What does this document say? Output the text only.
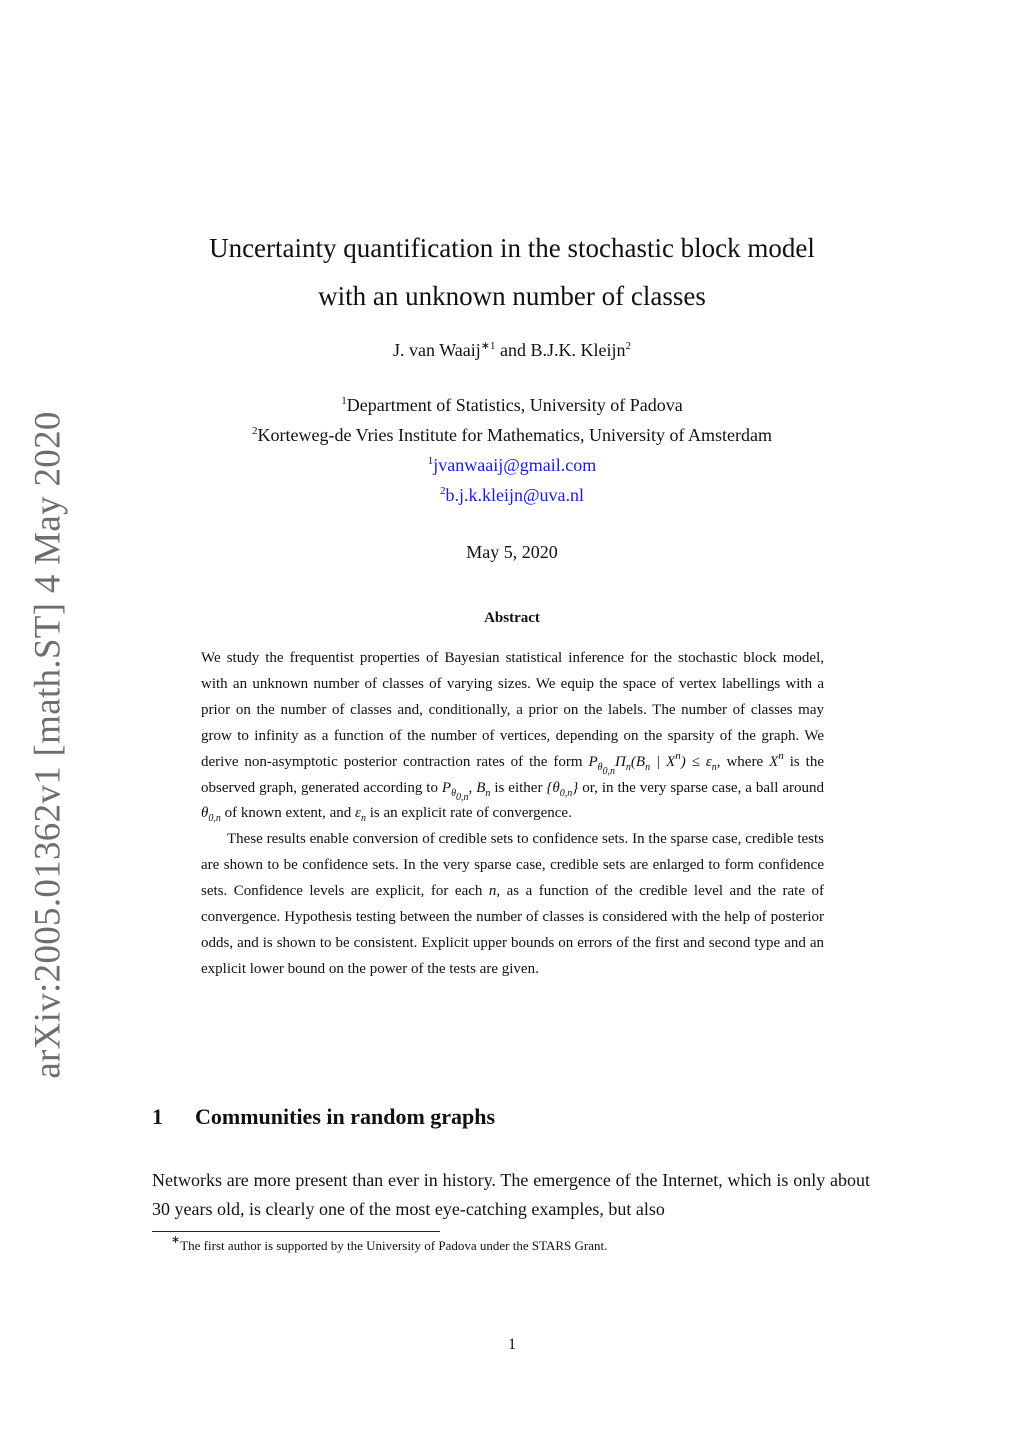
arXiv:2005.01362v1 [math.ST] 4 May 2020
Uncertainty quantification in the stochastic block model
with an unknown number of classes
J. van Waaij$^{∗1}$ and B.J.K. Kleijn$^2$
$^1$Department of Statistics, University of Padova
$^2$Korteweg-de Vries Institute for Mathematics, University of Amsterdam
$^1$jvanwaaij@gmail.com
$^2$b.j.k.kleijn@uva.nl
May 5, 2020
Abstract

We study the frequentist properties of Bayesian statistical inference for the stochastic block model, with an unknown number of classes of varying sizes. We equip the space of vertex labellings with a prior on the number of classes and, conditionally, a prior on the labels. The number of classes may grow to infinity as a function of the number of vertices, depending on the sparsity of the graph. We derive non-asymptotic posterior contraction rates of the form $P_{\theta_{0,n}}\Pi_n(B_n$ | $X^n) \le \varepsilon_n$, where $X^n$ is the observed graph, generated according to $P_{\theta_{0,n}}$, $B_n$ is either $\{\theta_{0,n}\}$ or, in the very sparse case, a ball around $\theta_{0,n}$ of known extent, and $\varepsilon_n$ is an explicit rate of convergence.

These results enable conversion of credible sets to confidence sets. In the sparse case, credible tests are shown to be confidence sets. In the very sparse case, credible sets are enlarged to form confidence sets. Confidence levels are explicit, for each n, as a function of the credible level and the rate of convergence. Hypothesis testing between the number of classes is considered with the help of posterior odds, and is shown to be consistent. Explicit upper bounds on errors of the first and second type and an explicit lower bound on the power of the tests are given.

1 Communities in random graphs

Networks are more present than ever in history. The emergence of the Internet, which is only about 30 years old, is clearly one of the most eye-catching examples, but also

∗The first author is supported by the University of Padova under the STARS Grant.
1
